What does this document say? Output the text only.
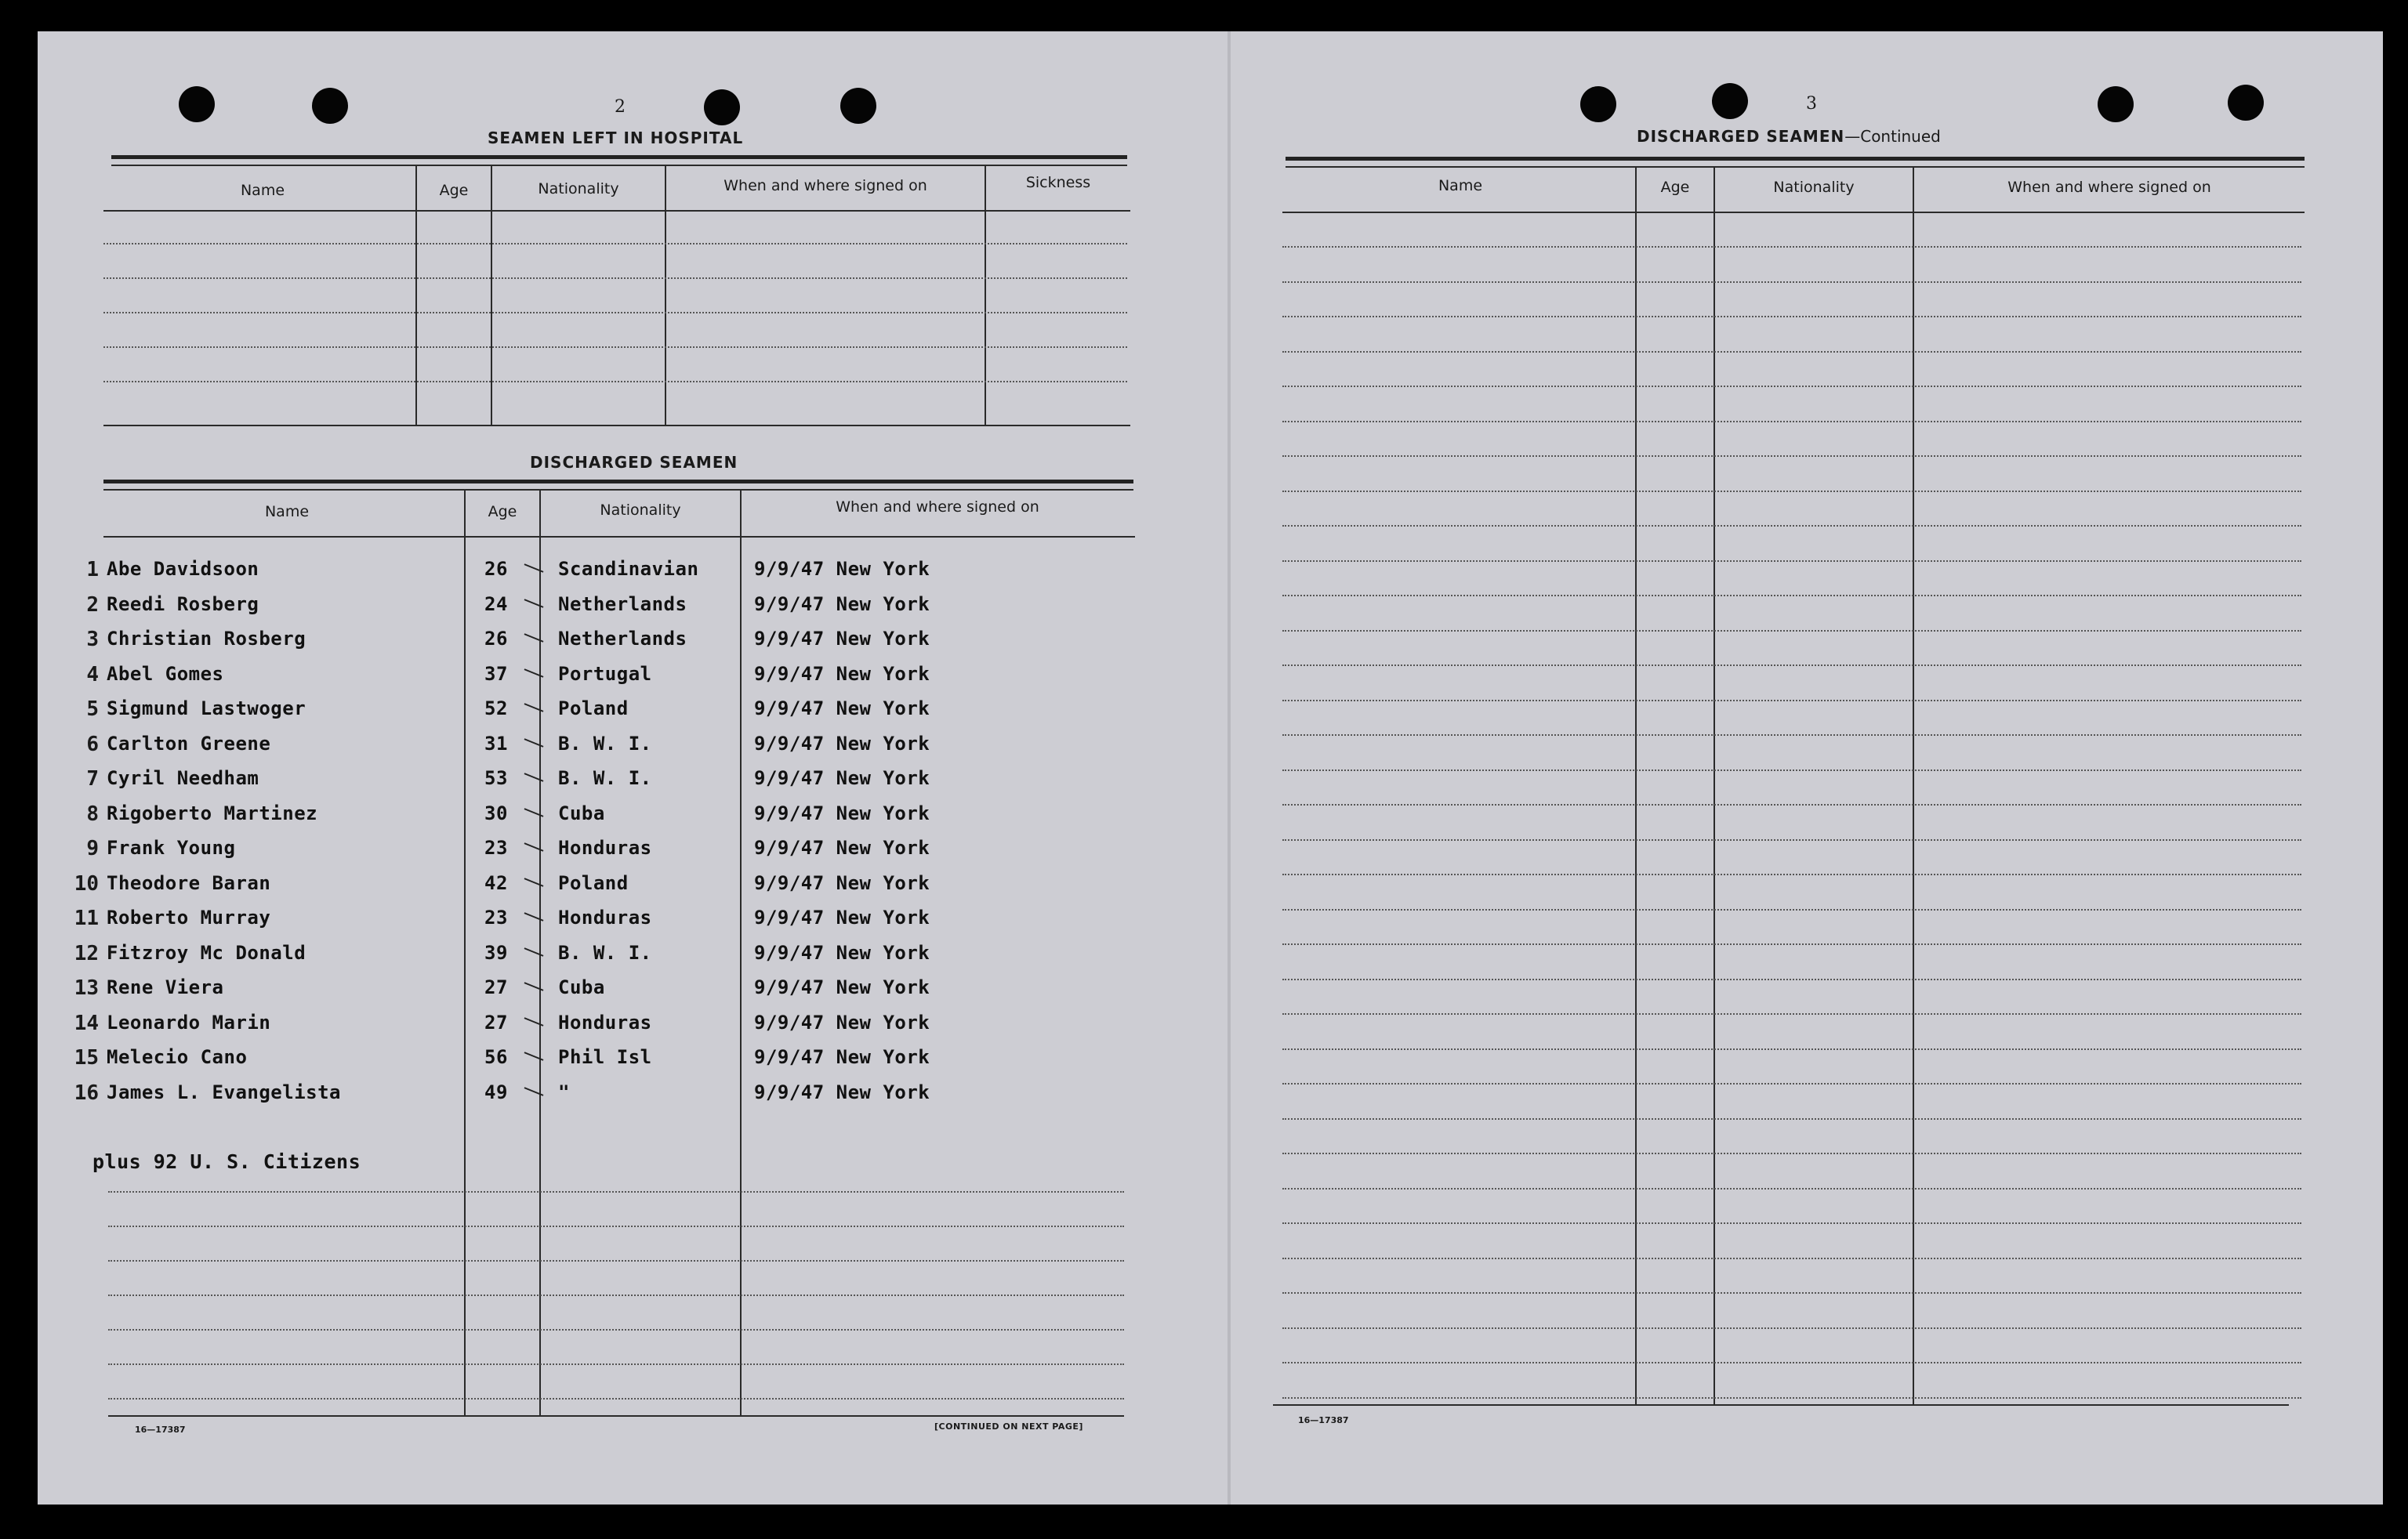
2
SEAMEN LEFT IN HOSPITAL
Name	Age	Nationality	When and where signed on	Sickness
DISCHARGED SEAMEN
Name	Age	Nationality	When and where signed on
1 Abe Davidsoon	26	Scandinavian	9/9/47 New York
2 Reedi Rosberg	24	Netherlands	9/9/47 New York
3 Christian Rosberg	26	Netherlands	9/9/47 New York
4 Abel Gomes	37	Portugal	9/9/47 New York
5 Sigmund Lastwoger	52	Poland	9/9/47 New York
6 Carlton Greene	31	B. W. I.	9/9/47 New York
7 Cyril Needham	53	B. W. I.	9/9/47 New York
8 Rigoberto Martinez	30	Cuba	9/9/47 New York
9 Frank Young	23	Honduras	9/9/47 New York
10 Theodore Baran	42	Poland	9/9/47 New York
11 Roberto Murray	23	Honduras	9/9/47 New York
12 Fitzroy Mc Donald	39	B. W. I.	9/9/47 New York
13 Rene Viera	27	Cuba	9/9/47 New York
14 Leonardo Marin	27	Honduras	9/9/47 New York
15 Melecio Cano	56	Phil Isl	9/9/47 New York
16 James L. Evangelista	49	"	9/9/47 New York
plus 92 U. S. Citizens
16—17387	[CONTINUED ON NEXT PAGE]
3
DISCHARGED SEAMEN—Continued
Name	Age	Nationality	When and where signed on
16—17387
